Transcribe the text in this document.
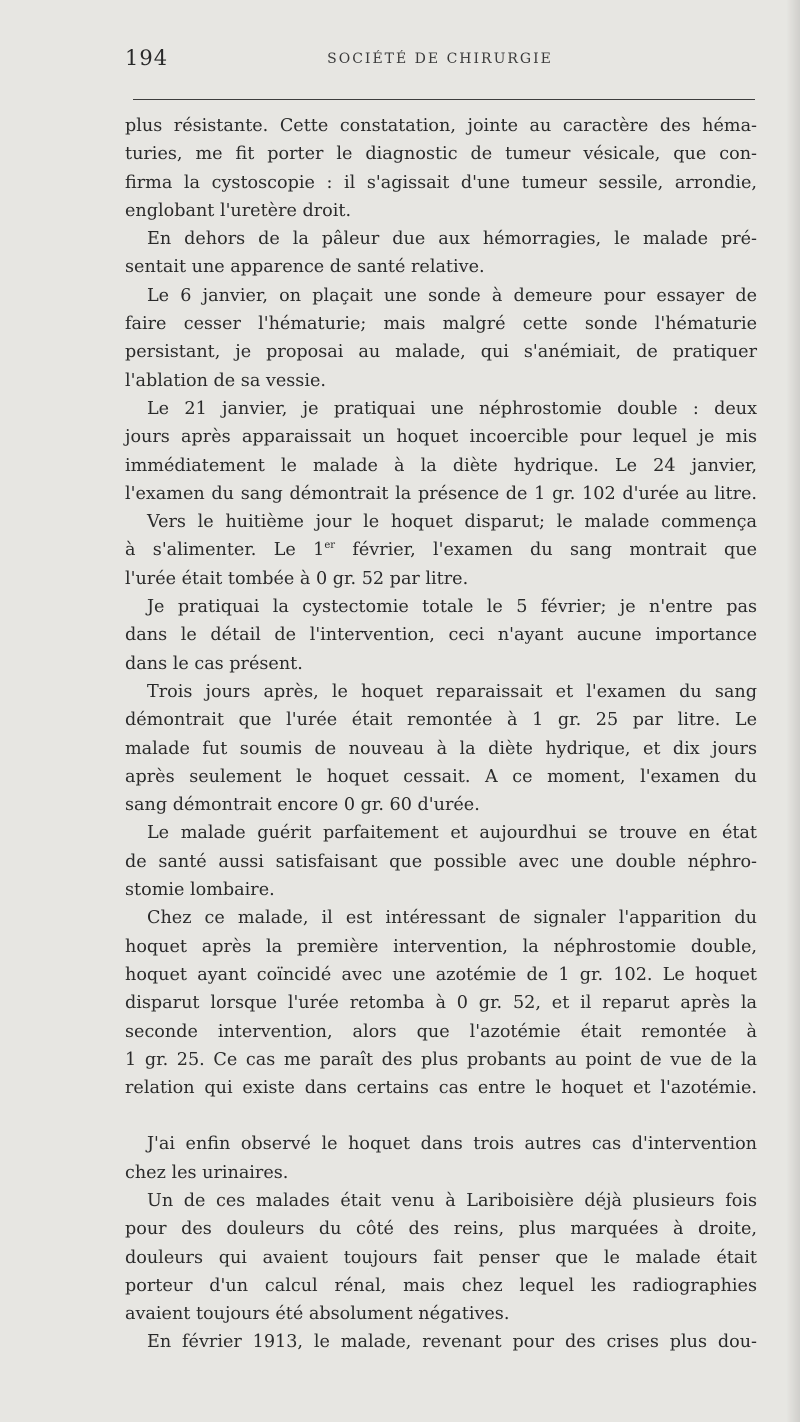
194	SOCIÉTÉ DE CHIRURGIE
plus résistante. Cette constatation, jointe au caractère des héma-
turies, me fit porter le diagnostic de tumeur vésicale, que con-
firma la cystoscopie : il s'agissait d'une tumeur sessile, arrondie,
englobant l'uretère droit.
En dehors de la pâleur due aux hémorragies, le malade pré-
sentait une apparence de santé relative.
Le 6 janvier, on plaçait une sonde à demeure pour essayer de
faire cesser l'hématurie; mais malgré cette sonde l'hématurie
persistant, je proposai au malade, qui s'anémiait, de pratiquer
l'ablation de sa vessie.
Le 21 janvier, je pratiquai une néphrostomie double : deux
jours après apparaissait un hoquet incoercible pour lequel je mis
immédiatement le malade à la diète hydrique. Le 24 janvier,
l'examen du sang démontrait la présence de 1 gr. 102 d'urée au litre.
Vers le huitième jour le hoquet disparut; le malade commença
à s'alimenter. Le 1er février, l'examen du sang montrait que
l'urée était tombée à 0 gr. 52 par litre.
Je pratiquai la cystectomie totale le 5 février; je n'entre pas
dans le détail de l'intervention, ceci n'ayant aucune importance
dans le cas présent.
Trois jours après, le hoquet reparaissait et l'examen du sang
démontrait que l'urée était remontée à 1 gr. 25 par litre. Le
malade fut soumis de nouveau à la diète hydrique, et dix jours
après seulement le hoquet cessait. A ce moment, l'examen du
sang démontrait encore 0 gr. 60 d'urée.
Le malade guérit parfaitement et aujourdhui se trouve en état
de santé aussi satisfaisant que possible avec une double néphro-
stomie lombaire.
Chez ce malade, il est intéressant de signaler l'apparition du
hoquet après la première intervention, la néphrostomie double,
hoquet ayant coïncidé avec une azotémie de 1 gr. 102. Le hoquet
disparut lorsque l'urée retomba à 0 gr. 52, et il reparut après la
seconde intervention, alors que l'azotémie était remontée à
1 gr. 25. Ce cas me paraît des plus probants au point de vue de la
relation qui existe dans certains cas entre le hoquet et l'azotémie.
J'ai enfin observé le hoquet dans trois autres cas d'intervention
chez les urinaires.
Un de ces malades était venu à Lariboisière déjà plusieurs fois
pour des douleurs du côté des reins, plus marquées à droite,
douleurs qui avaient toujours fait penser que le malade était
porteur d'un calcul rénal, mais chez lequel les radiographies
avaient toujours été absolument négatives.
En février 1913, le malade, revenant pour des crises plus dou-
